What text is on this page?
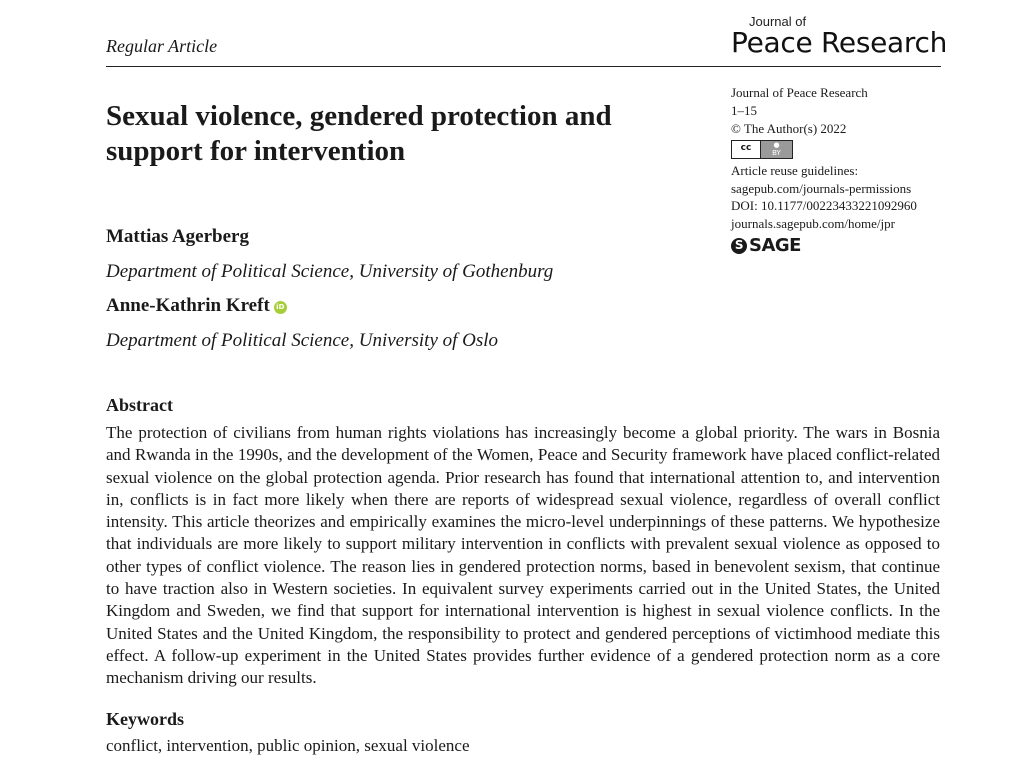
Regular Article
Journal of
Peace Research
Sexual violence, gendered protection and support for intervention
Journal of Peace Research
1–15
© The Author(s) 2022
cc	●
BY
Article reuse guidelines:
sagepub.com/journals-permissions
DOI: 10.1177/00223433221092960
journals.sagepub.com/home/jpr
S SAGE
Mattias Agerberg
Department of Political Science, University of Gothenburg
Anne-Kathrin Kreft iD
Department of Political Science, University of Oslo
Abstract
The protection of civilians from human rights violations has increasingly become a global priority. The wars in Bosnia and Rwanda in the 1990s, and the development of the Women, Peace and Security framework have placed conflict-related sexual violence on the global protection agenda. Prior research has found that international attention to, and intervention in, conflicts is in fact more likely when there are reports of widespread sexual violence, regardless of overall conflict intensity. This article theorizes and empirically examines the micro-level underpinnings of these patterns. We hypothesize that individuals are more likely to support military intervention in conflicts with prevalent sexual violence as opposed to other types of conflict violence. The reason lies in gendered protection norms, based in benevolent sexism, that continue to have traction also in Western societies. In equivalent survey experiments carried out in the United States, the United Kingdom and Sweden, we find that support for international intervention is highest in sexual violence conflicts. In the United States and the United Kingdom, the responsibility to protect and gendered perceptions of victimhood mediate this effect. A follow-up experiment in the United States provides further evidence of a gendered protection norm as a core mechanism driving our results.
Keywords
conflict, intervention, public opinion, sexual violence
